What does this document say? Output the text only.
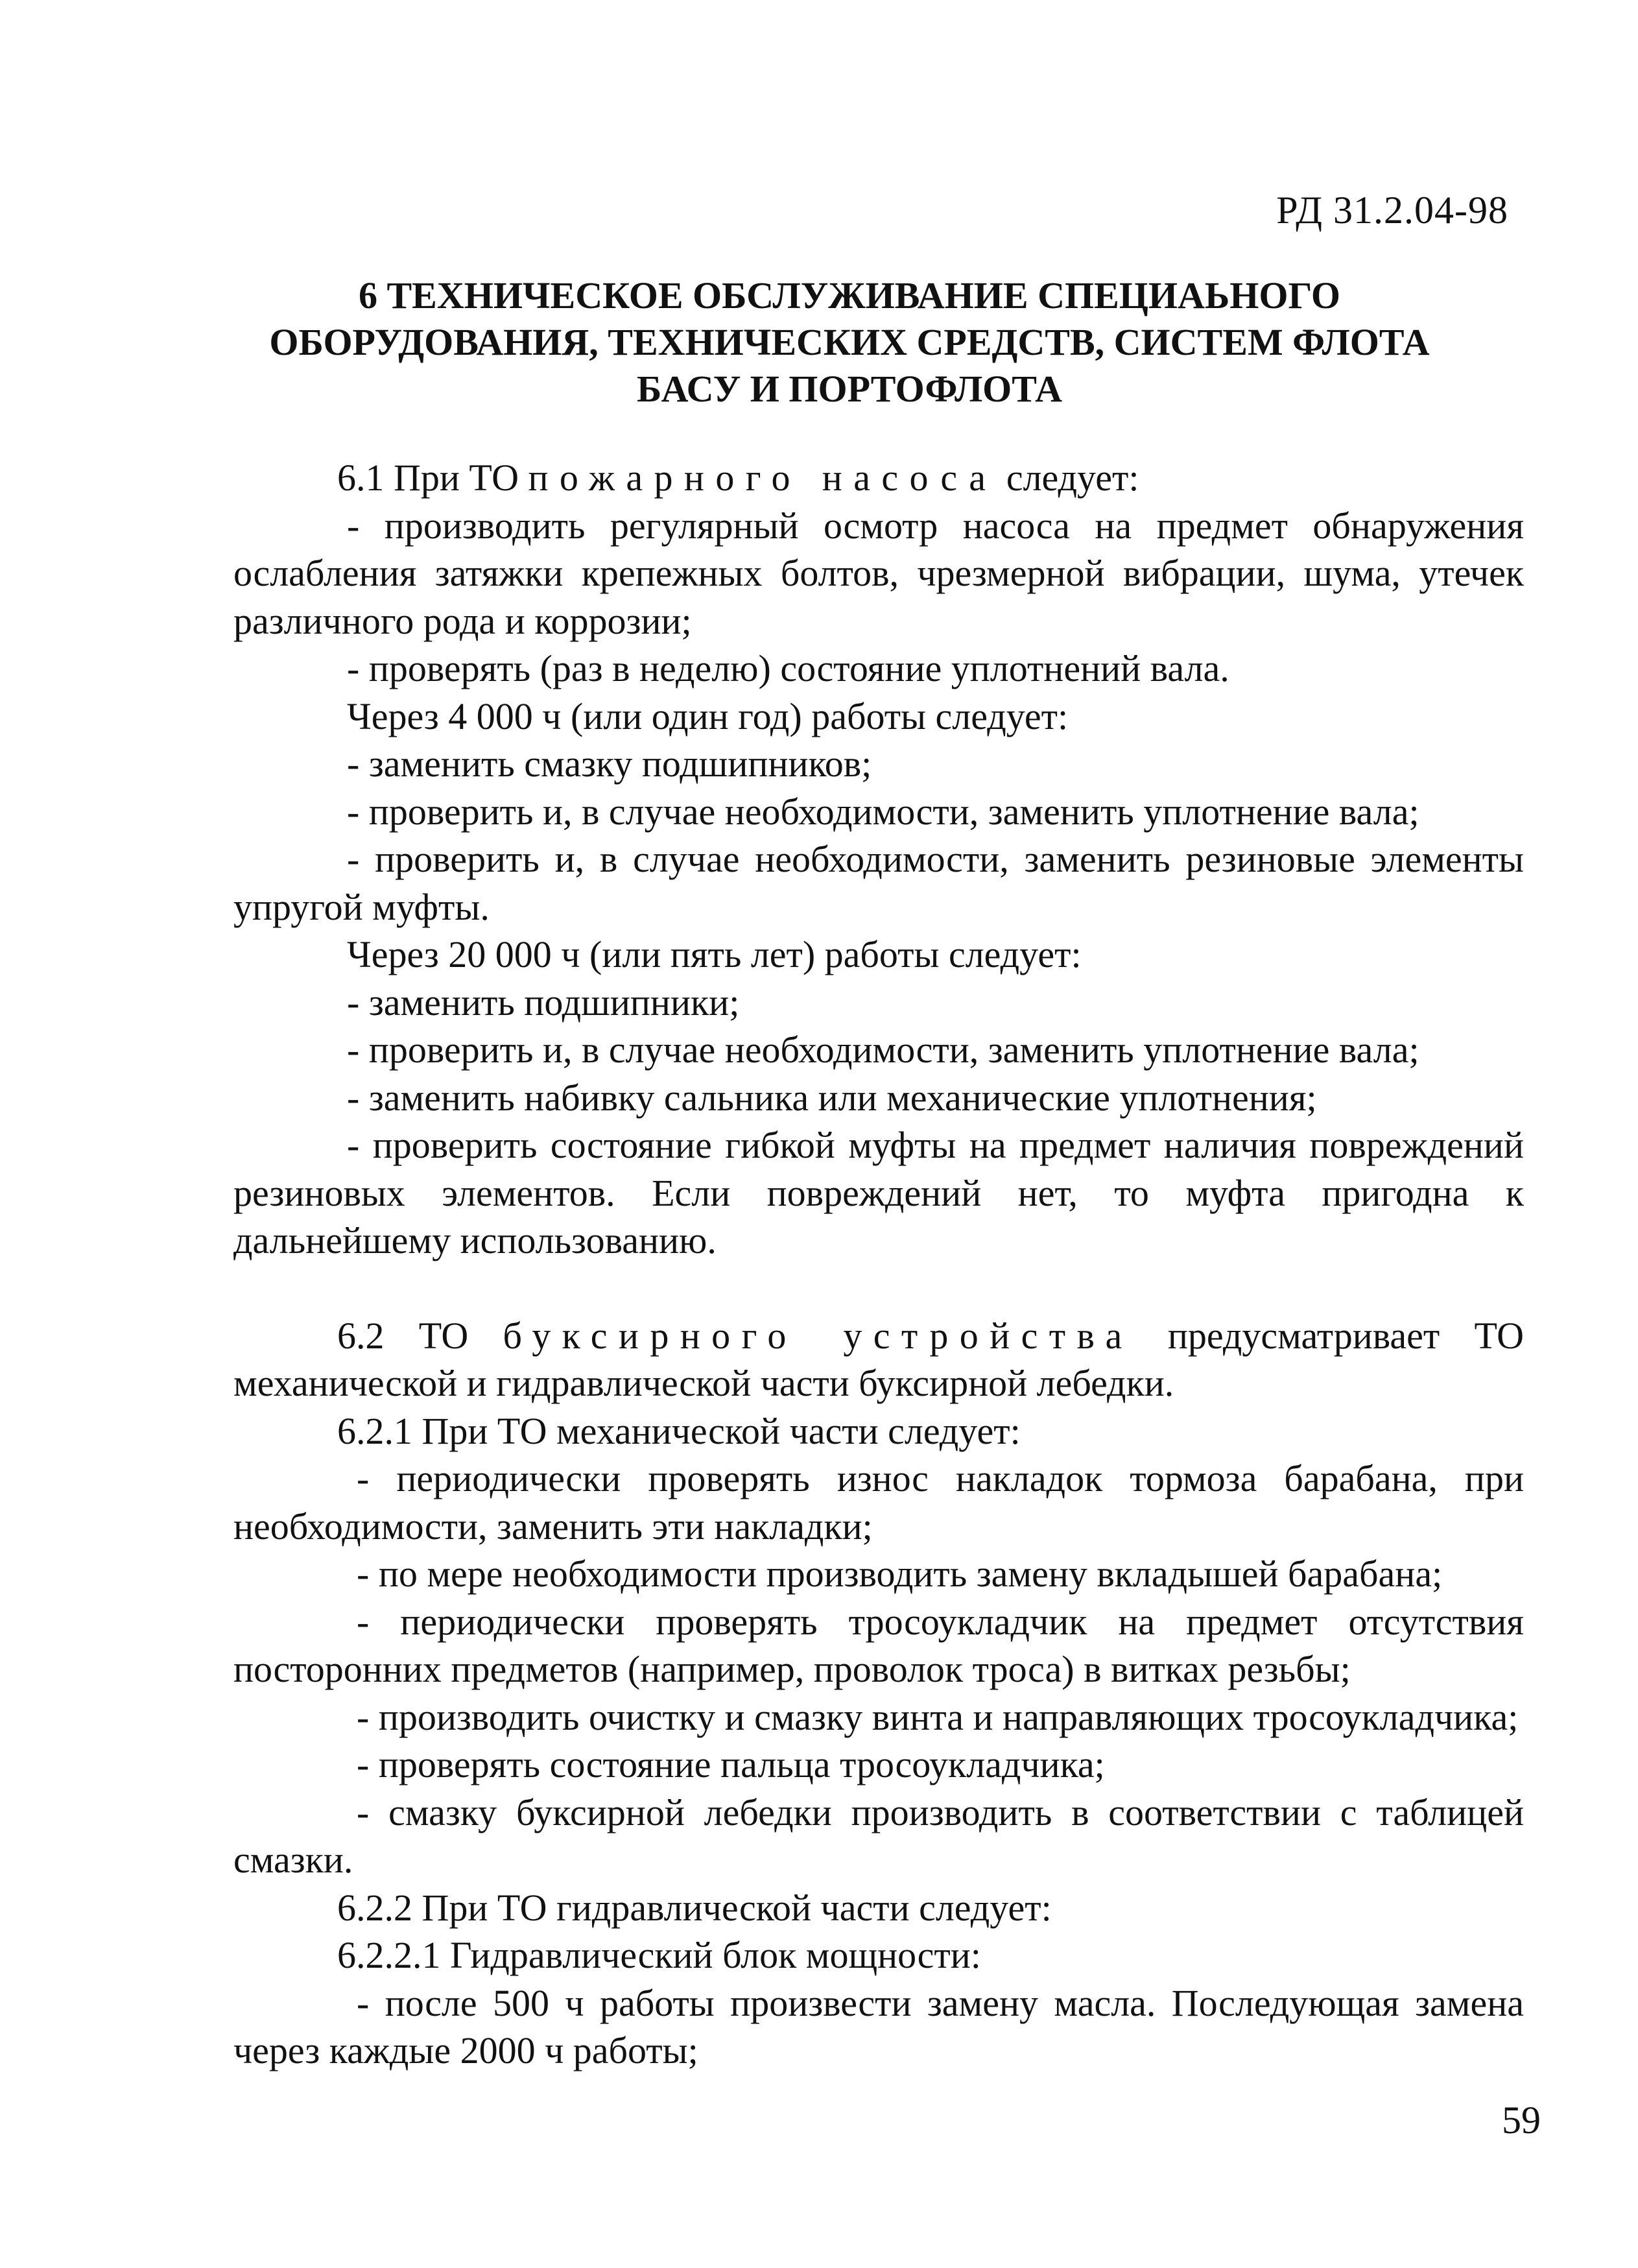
РД 31.2.04-98
6 ТЕХНИЧЕСКОЕ ОБСЛУЖИВАНИЕ СПЕЦИАЬНОГО
ОБОРУДОВАНИЯ, ТЕХНИЧЕСКИХ СРЕДСТВ, СИСТЕМ ФЛОТА
БАСУ И ПОРТОФЛОТА

6.1 При ТО пожарного насоса следует:

- производить регулярный осмотр насоса на предмет обнаружения ослабления затяжки крепежных болтов, чрезмерной вибрации, шума, утечек различного рода и коррозии;

- проверять (раз в неделю) состояние уплотнений вала.

Через 4 000 ч (или один год) работы следует:

- заменить смазку подшипников;

- проверить и, в случае необходимости, заменить уплотнение вала;

- проверить и, в случае необходимости, заменить резиновые элементы упругой муфты.

Через 20 000 ч (или пять лет) работы следует:

- заменить подшипники;

- проверить и, в случае необходимости, заменить уплотнение вала;

- заменить набивку сальника или механические уплотнения;

- проверить состояние гибкой муфты на предмет наличия повреждений резиновых элементов. Если повреждений нет, то муфта пригодна к дальнейшему использованию.

6.2 ТО буксирного устройства предусматривает ТО механической и гидравлической части буксирной лебедки.

6.2.1 При ТО механической части следует:

- периодически проверять износ накладок тормоза барабана, при необходимости, заменить эти накладки;

- по мере необходимости производить замену вкладышей барабана;

- периодически проверять тросоукладчик на предмет отсутствия посторонних предметов (например, проволок троса) в витках резьбы;

- производить очистку и смазку винта и направляющих тросоукладчика;

- проверять состояние пальца тросоукладчика;

- смазку буксирной лебедки производить в соответствии с таблицей смазки.

6.2.2 При ТО гидравлической части следует:

6.2.2.1 Гидравлический блок мощности:

- после 500 ч работы произвести замену масла. Последующая замена через каждые 2000 ч работы;

59
